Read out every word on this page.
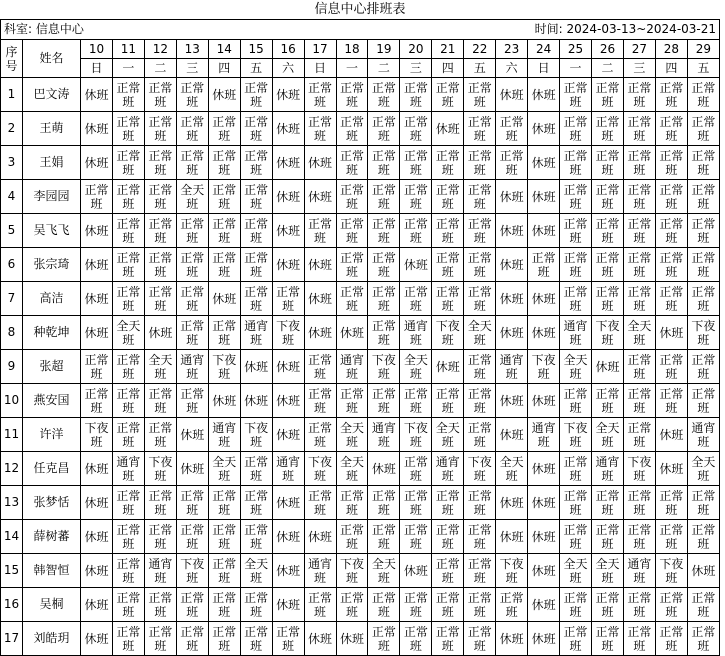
信息中心排班表																					
科室: 信息中心													时间: 2024-03-13~2024-03-21								
序号	姓名	10	11	12	13	14	15	16	17	18	19	20	21	22	23	24	25	26	27	28	29
		日	一	二	三	四	五	六	日	一	二	三	四	五	六	日	一	二	三	四	五
1	巴文涛	休班	正常班	正常班	正常班	休班	正常班	休班	正常班	正常班	正常班	正常班	正常班	正常班	休班	休班	正常班	正常班	正常班	正常班	正常班
2	王萌	休班	正常班	正常班	正常班	正常班	正常班	休班	正常班	正常班	正常班	正常班	休班	正常班	正常班	休班	正常班	正常班	正常班	正常班	正常班
3	王娟	休班	正常班	正常班	正常班	正常班	正常班	休班	休班	正常班	正常班	正常班	正常班	正常班	正常班	休班	正常班	正常班	正常班	正常班	正常班
4	李园园	正常班	正常班	正常班	全天班	正常班	正常班	休班	休班	正常班	正常班	正常班	正常班	正常班	休班	休班	正常班	正常班	正常班	正常班	正常班
5	吴飞飞	休班	正常班	正常班	正常班	正常班	正常班	休班	正常班	正常班	正常班	正常班	正常班	正常班	休班	休班	正常班	正常班	正常班	正常班	正常班
6	张宗琦	休班	正常班	正常班	正常班	正常班	正常班	休班	休班	正常班	正常班	休班	正常班	正常班	休班	正常班	正常班	正常班	正常班	正常班	正常班
7	高洁	休班	正常班	正常班	正常班	休班	正常班	正常班	休班	正常班	正常班	正常班	正常班	正常班	休班	休班	正常班	正常班	正常班	正常班	正常班
8	种乾坤	休班	全天班	休班	正常班	正常班	通宵班	下夜班	休班	休班	正常班	通宵班	下夜班	全天班	休班	休班	通宵班	下夜班	全天班	休班	下夜班
9	张超	正常班	正常班	全天班	通宵班	下夜班	休班	休班	正常班	通宵班	下夜班	全天班	休班	正常班	通宵班	下夜班	全天班	休班	正常班	正常班	正常班
10	燕安国	正常班	正常班	正常班	正常班	休班	休班	休班	正常班	正常班	正常班	正常班	正常班	正常班	休班	休班	正常班	正常班	正常班	正常班	正常班
11	许洋	下夜班	正常班	正常班	休班	通宵班	下夜班	休班	正常班	全天班	通宵班	下夜班	全天班	正常班	休班	通宵班	下夜班	全天班	正常班	休班	通宵班
12	任克昌	休班	通宵班	下夜班	休班	全天班	正常班	通宵班	下夜班	全天班	休班	正常班	通宵班	下夜班	全天班	休班	正常班	通宵班	下夜班	休班	全天班
13	张梦恬	休班	正常班	正常班	正常班	正常班	正常班	休班	正常班	正常班	正常班	正常班	正常班	正常班	休班	休班	正常班	正常班	正常班	正常班	正常班
14	薛树蕃	休班	正常班	正常班	正常班	正常班	正常班	休班	休班	正常班	正常班	正常班	正常班	正常班	休班	休班	正常班	正常班	正常班	正常班	正常班
15	韩智恒	休班	正常班	通宵班	下夜班	正常班	全天班	休班	通宵班	下夜班	全天班	休班	正常班	正常班	下夜班	休班	全天班	全天班	通宵班	下夜班	休班
16	吴桐	休班	正常班	正常班	正常班	正常班	正常班	休班	正常班	正常班	正常班	正常班	正常班	正常班	正常班	休班	正常班	正常班	正常班	正常班	正常班
17	刘皓玥	休班	正常班	正常班	正常班	正常班	正常班	正常班	休班	休班	正常班	正常班	正常班	正常班	休班	休班	正常班	正常班	正常班	正常班	正常班
